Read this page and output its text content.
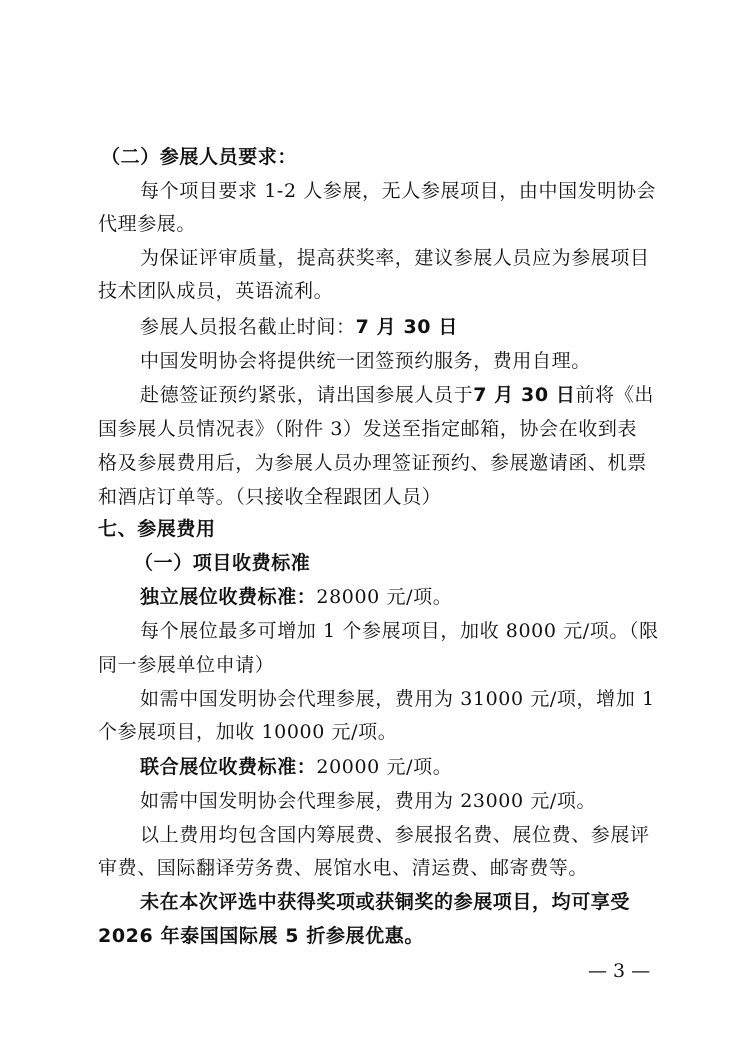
（二）参展人员要求：
每个项目要求 1-2 人参展，无人参展项目，由中国发明协会
代理参展。
为保证评审质量，提高获奖率，建议参展人员应为参展项目
技术团队成员，英语流利。
参展人员报名截止时间：7 月 30 日
中国发明协会将提供统一团签预约服务，费用自理。
赴德签证预约紧张，请出国参展人员于7 月 30 日前将《出
国参展人员情况表》（附件 3）发送至指定邮箱，协会在收到表
格及参展费用后，为参展人员办理签证预约、参展邀请函、机票
和酒店订单等。（只接收全程跟团人员）
七、参展费用
（一）项目收费标准
独立展位收费标准：28000 元/项。
每个展位最多可增加 1 个参展项目，加收 8000 元/项。（限
同一参展单位申请）
如需中国发明协会代理参展，费用为 31000 元/项，增加 1
个参展项目，加收 10000 元/项。
联合展位收费标准：20000 元/项。
如需中国发明协会代理参展，费用为 23000 元/项。
以上费用均包含国内筹展费、参展报名费、展位费、参展评
审费、国际翻译劳务费、展馆水电、清运费、邮寄费等。
未在本次评选中获得奖项或获铜奖的参展项目，均可享受
2026 年泰国国际展 5 折参展优惠。
— 3 —
